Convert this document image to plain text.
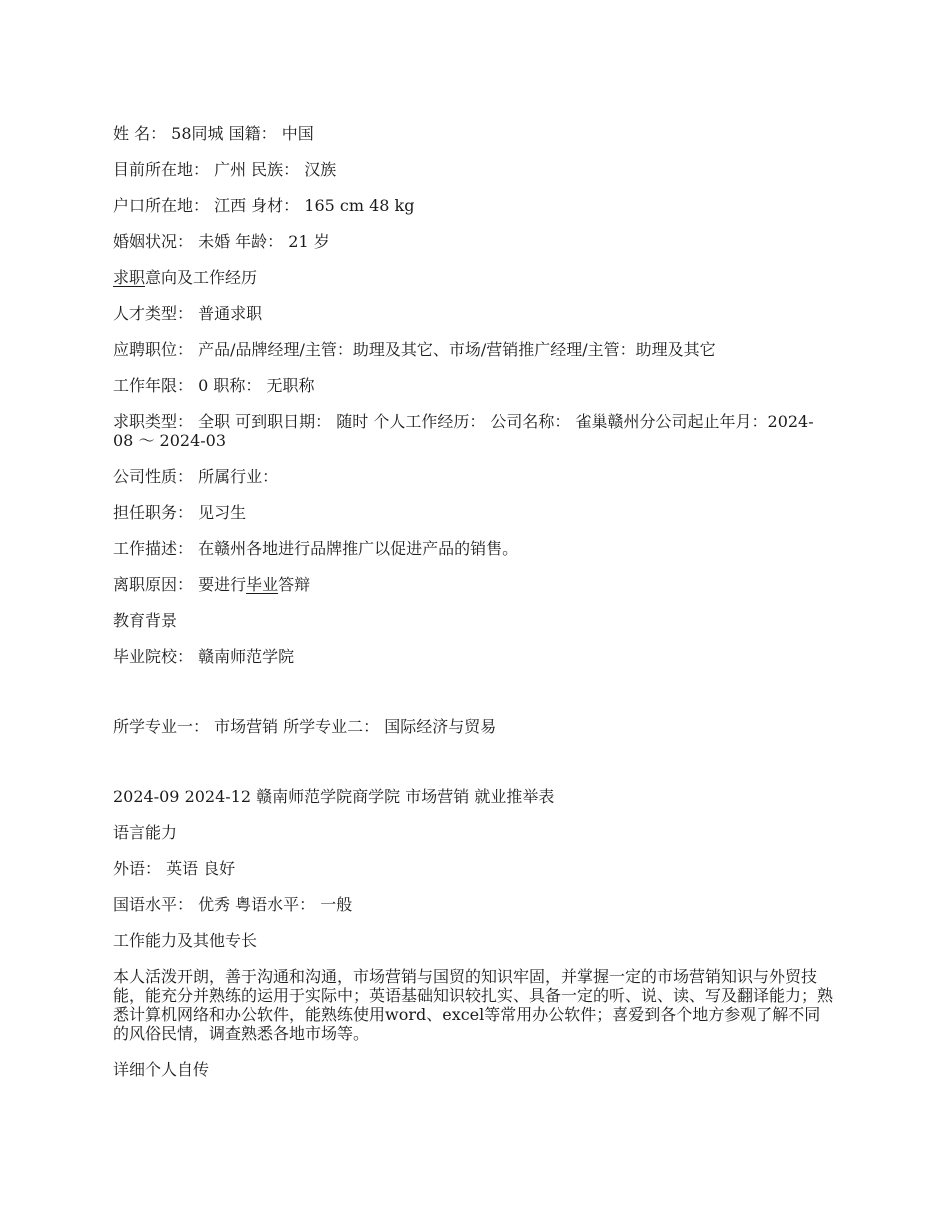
姓 名： 58同城 国籍： 中国

目前所在地： 广州 民族： 汉族

户口所在地： 江西 身材： 165 cm 48 kg

婚姻状况： 未婚 年龄： 21 岁

求职意向及工作经历

人才类型： 普通求职

应聘职位： 产品/品牌经理/主管：助理及其它、市场/营销推广经理/主管：助理及其它

工作年限： 0 职称： 无职称

求职类型： 全职 可到职日期： 随时 个人工作经历： 公司名称： 雀巢赣州分公司起止年月：2024-08 ～ 2024-03

公司性质： 所属行业：

担任职务： 见习生

工作描述： 在赣州各地进行品牌推广以促进产品的销售。

离职原因： 要进行毕业答辩

教育背景

毕业院校： 赣南师范学院

所学专业一： 市场营销 所学专业二： 国际经济与贸易

2024-09 2024-12 赣南师范学院商学院 市场营销 就业推举表

语言能力

外语： 英语 良好

国语水平： 优秀 粤语水平： 一般

工作能力及其他专长

本人活泼开朗，善于沟通和沟通，市场营销与国贸的知识牢固，并掌握一定的市场营销知识与外贸技能，能充分并熟练的运用于实际中；英语基础知识较扎实、具备一定的听、说、读、写及翻译能力；熟悉计算机网络和办公软件，能熟练使用word、excel等常用办公软件；喜爱到各个地方参观了解不同的风俗民情，调查熟悉各地市场等。

详细个人自传
